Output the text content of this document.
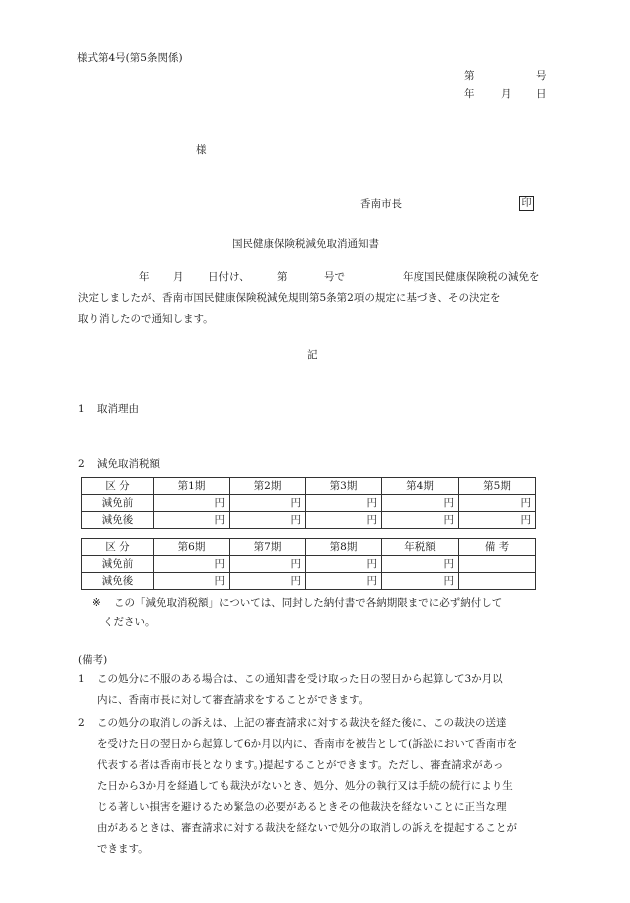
様式第4号(第5条関係)
第	号
年	月 日
様
香南市長	印
国民健康保険税減免取消通知書
年 月 日付け、	第	号で	年度国民健康保険税の減免を
決定しましたが、香南市国民健康保険税減免規則第5条第2項の規定に基づき、その決定を
取り消したので通知します。
記
1 取消理由
2 減免取消税額
区 分	第1期	第2期	第3期	第4期	第5期
減免前	円	円	円	円	円
減免後	円	円	円	円	円
区 分	第6期	第7期	第8期	年税額	備 考
減免前	円	円	円	円	
減免後	円	円	円	円	
※ この「減免取消税額」については、同封した納付書で各納期限までに必ず納付して
ください。
(備考)
1 この処分に不服のある場合は、この通知書を受け取った日の翌日から起算して3か月以
内に、香南市長に対して審査請求をすることができます。
2 この処分の取消しの訴えは、上記の審査請求に対する裁決を経た後に、この裁決の送達
を受けた日の翌日から起算して6か月以内に、香南市を被告として(訴訟において香南市を
代表する者は香南市長となります。)提起することができます。ただし、審査請求があっ
た日から3か月を経過しても裁決がないとき、処分、処分の執行又は手続の続行により生
じる著しい損害を避けるため緊急の必要があるときその他裁決を経ないことに正当な理
由があるときは、審査請求に対する裁決を経ないで処分の取消しの訴えを提起することが
できます。
